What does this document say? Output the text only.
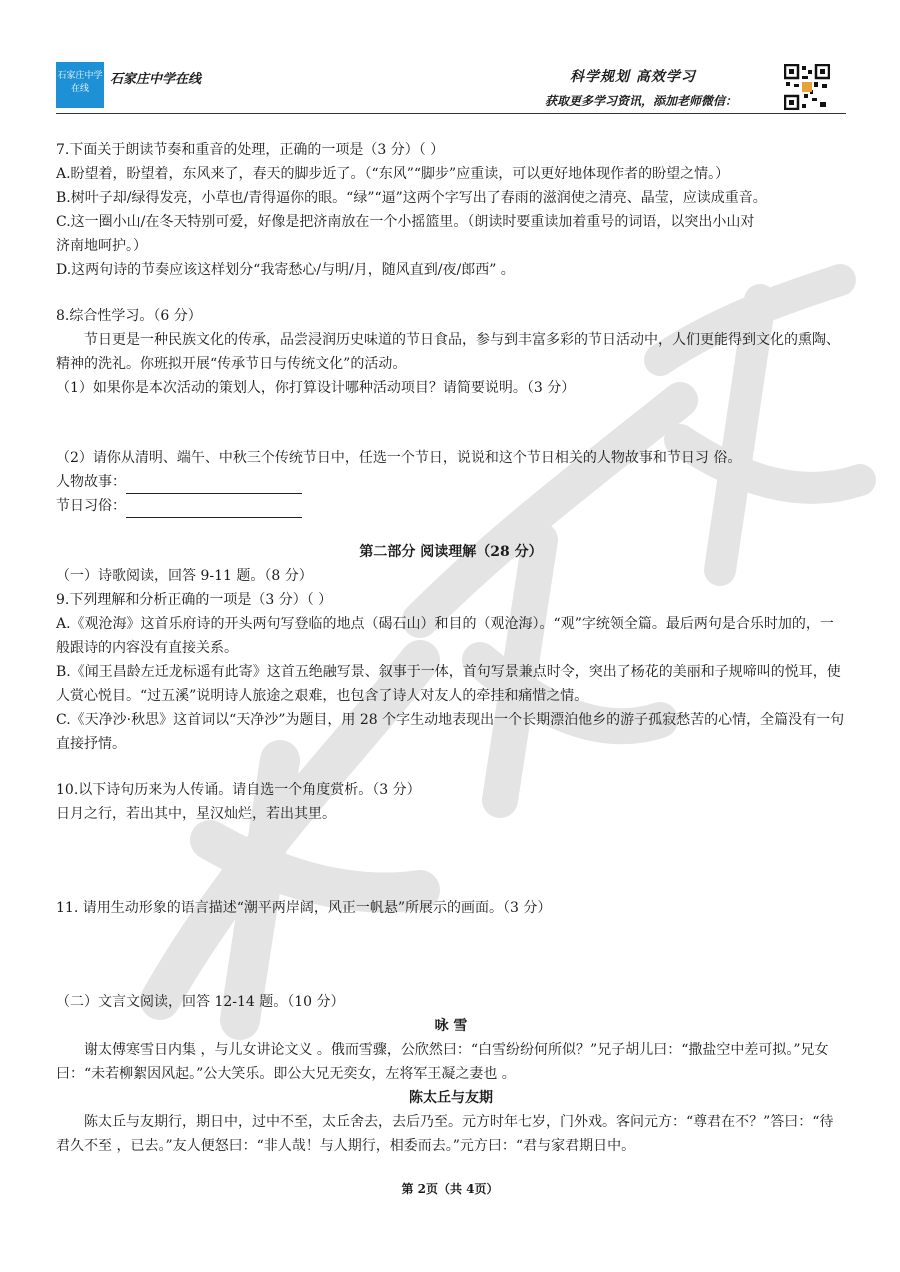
石家庄中学
在线
石家庄中学在线	科学规划 高效学习
获取更多学习资讯，添加老师微信：

7.下面关于朗读节奏和重音的处理，正确的一项是（3 分）（ ）

A.盼望着，盼望着，东风来了，春天的脚步近了。（“东风”“脚步”应重读，可以更好地体现作者的盼望之情。）

B.树叶子却/绿得发亮，小草也/青得逼你的眼。“绿”“逼”这两个字写出了春雨的滋润使之清亮、晶莹，应读成重音。

C.这一圈小山/在冬天特别可爱，好像是把济南放在一个小摇篮里。（朗读时要重读加着重号的词语，以突出小山对

济南地呵护。）

D.这两句诗的节奏应该这样划分“我寄愁心/与明/月，随风直到/夜/郎西” 。

8.综合性学习。（6 分）

节日更是一种民族文化的传承，品尝浸润历史味道的节日食品，参与到丰富多彩的节日活动中，人们更能得到文化的熏陶、精神的洗礼。你班拟开展“传承节日与传统文化”的活动。

（1）如果你是本次活动的策划人，你打算设计哪种活动项目？请简要说明。（3 分）

（2）请你从清明、端午、中秋三个传统节日中，任选一个节日，说说和这个节日相关的人物故事和节日习 俗。

人物故事：

节日习俗：

第二部分 阅读理解（28 分）

（一）诗歌阅读，回答 9-11 题。（8 分）

9.下列理解和分析正确的一项是（3 分）（ ）

A.《观沧海》这首乐府诗的开头两句写登临的地点（碣石山）和目的（观沧海）。“观”字统领全篇。最后两句是合乐时加的，一般跟诗的内容没有直接关系。

B.《闻王昌龄左迁龙标遥有此寄》这首五绝融写景、叙事于一体，首句写景兼点时令，突出了杨花的美丽和子规啼叫的悦耳，使人赏心悦目。“过五溪”说明诗人旅途之艰难，也包含了诗人对友人的牵挂和痛惜之情。

C.《天净沙·秋思》这首词以“天净沙”为题目，用 28 个字生动地表现出一个长期漂泊他乡的游子孤寂愁苦的心情，全篇没有一句直接抒情。

10.以下诗句历来为人传诵。请自选一个角度赏析。（3 分）

日月之行，若出其中，星汉灿烂，若出其里。

11. 请用生动形象的语言描述“潮平两岸阔，风正一帆悬”所展示的画面。（3 分）

（二）文言文阅读，回答 12-14 题。（10 分）

咏 雪

谢太傅寒雪日内集 ，与儿女讲论文义 。俄而雪骤，公欣然曰：“白雪纷纷何所似？”兄子胡儿曰：“撒盐空中差可拟。”兄女曰：“未若柳絮因风起。”公大笑乐。即公大兄无奕女，左将军王凝之妻也 。

陈太丘与友期

陈太丘与友期行，期日中，过中不至，太丘舍去，去后乃至。元方时年七岁，门外戏。客问元方：“尊君在不？”答曰：“待君久不至 ，已去。”友人便怒曰：“非人哉！与人期行，相委而去。”元方曰：“君与家君期日中。

第 2页（共 4页）
